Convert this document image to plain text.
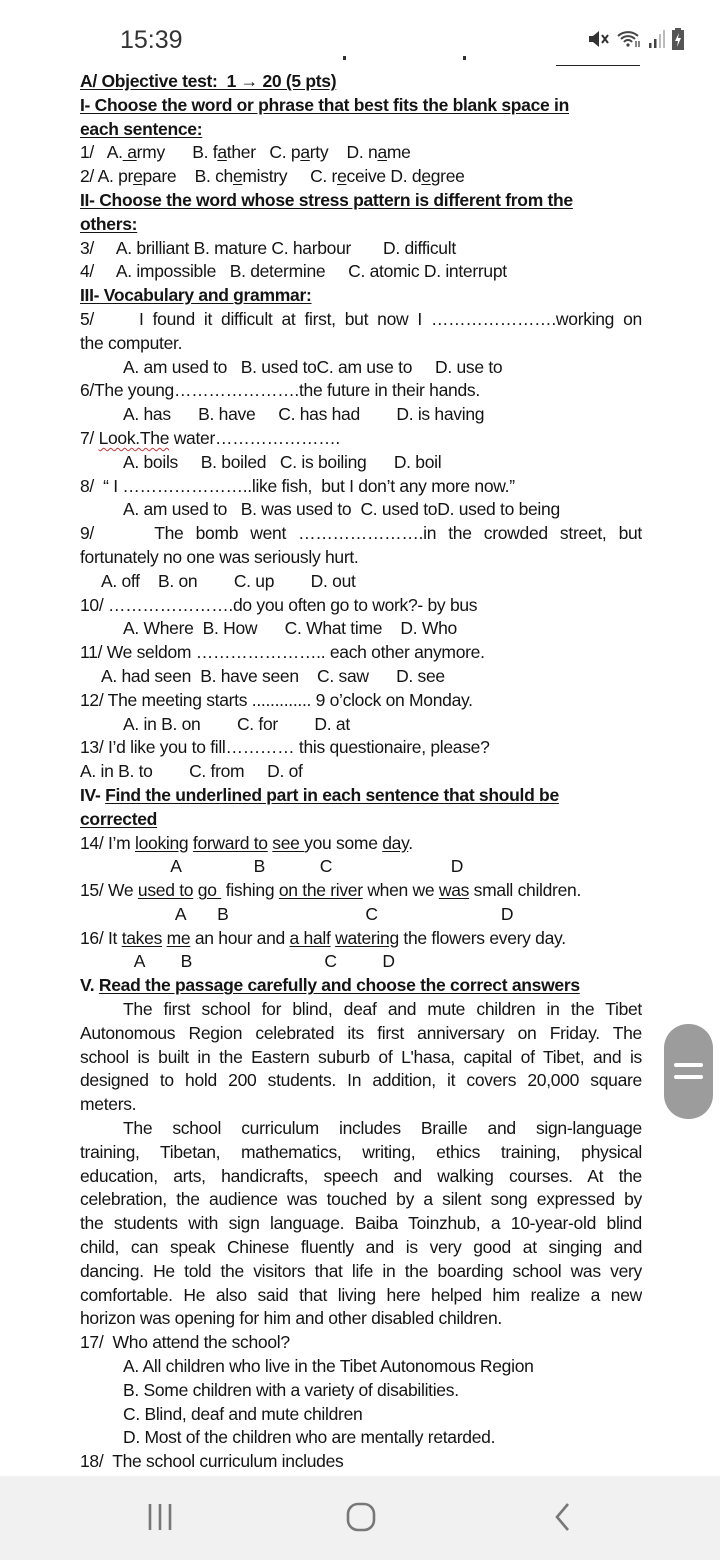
15:39
A/ Objective test:  1 → 20 (5 pts)
I- Choose the word or phrase that best fits the blank space in
each sentence:
1/   A. army      B. father   C. party    D. name
2/ A. prepare    B. chemistry     C. receive D. degree
II- Choose the word whose stress pattern is different from the
others:
3/     A. brilliant B. mature C. harbour       D. difficult
4/     A. impossible   B. determine     C. atomic D. interrupt
III- Vocabulary and grammar:
5/     I found it difficult at first, but now I ………………….working on
the computer.
A. am used to   B. used toC. am use to     D. use to
6/The young………………….the future in their hands.
A. has      B. have     C. has had        D. is having
7/ Look.The water………………….
A. boils     B. boiled   C. is boiling      D. boil
8/  “ I …………………..like fish,  but I don’t any more now.”
A. am used to   B. was used to  C. used toD. used to being
9/     The bomb went ………………….in the crowded street, but
fortunately no one was seriously hurt.
A. off    B. on        C. up        D. out
10/ ………………….do you often go to work?- by bus
A. Where  B. How      C. What time    D. Who
11/ We seldom ………………….. each other anymore.
A. had seen  B. have seen    C. saw      D. see
12/ The meeting starts ............. 9 o’clock on Monday.
A. in B. on        C. for        D. at
13/ I’d like you to fill………… this questionaire, please?
A. in B. to        C. from     D. of
IV- Find the underlined part in each sentence that should be
corrected
14/ I’m looking forward to see you some day.
A                B            C                          D
15/ We used to go  fishing on the river when we was small children.
A       B                              C                           D
16/ It takes me an hour and a half watering the flowers every day.
A        B                             C          D
V. Read the passage carefully and choose the correct answers
The first school for blind, deaf and mute children in the Tibet
Autonomous Region celebrated its first anniversary on Friday. The
school is built in the Eastern suburb of L'hasa, capital of Tibet, and is
designed to hold 200 students. In addition, it covers 20,000 square
meters.
The school curriculum includes Braille and sign-language
training, Tibetan, mathematics, writing, ethics training, physical
education, arts, handicrafts, speech and walking courses. At the
celebration, the audience was touched by a silent song expressed by
the students with sign language. Baiba Toinzhub, a 10-year-old blind
child, can speak Chinese fluently and is very good at singing and
dancing. He told the visitors that life in the boarding school was very
comfortable. He also said that living here helped him realize a new
horizon was opening for him and other disabled children.
17/  Who attend the school?
A. All children who live in the Tibet Autonomous Region
B. Some children with a variety of disabilities.
C. Blind, deaf and mute children
D. Most of the children who are mentally retarded.
18/  The school curriculum includes
